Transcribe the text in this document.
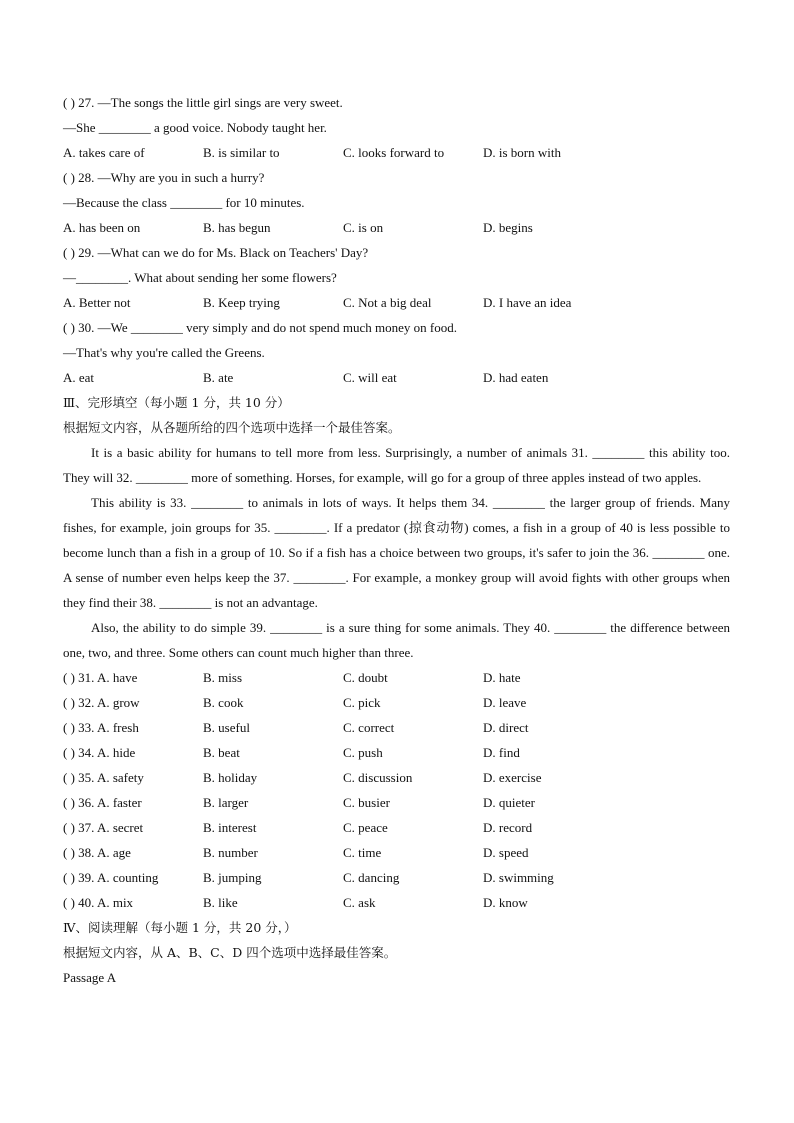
( ) 27. —The songs the little girl sings are very sweet.
—She ________ a good voice. Nobody taught her.
A. takes care of	B. is similar to	C. looks forward to	D. is born with
( ) 28. —Why are you in such a hurry?
—Because the class ________ for 10 minutes.
A. has been on	B. has begun	C. is on	D. begins
( ) 29. —What can we do for Ms. Black on Teachers' Day?
—________. What about sending her some flowers?
A. Better not	B. Keep trying	C. Not a big deal	D. I have an idea
( ) 30. —We ________ very simply and do not spend much money on food.
—That's why you're called the Greens.
A. eat	B. ate	C. will eat	D. had eaten
Ⅲ、完形填空（每小题 1 分，共 10 分）
根据短文内容，从各题所给的四个选项中选择一个最佳答案。
It is a basic ability for humans to tell more from less. Surprisingly, a number of animals 31. ________ this ability too. They will 32. ________ more of something. Horses, for example, will go for a group of three apples instead of two apples.
This ability is 33. ________ to animals in lots of ways. It helps them 34. ________ the larger group of friends. Many fishes, for example, join groups for 35. ________. If a predator (掠食动物) comes, a fish in a group of 40 is less possible to become lunch than a fish in a group of 10. So if a fish has a choice between two groups, it's safer to join the 36. ________ one. A sense of number even helps keep the 37. ________. For example, a monkey group will avoid fights with other groups when they find their 38. ________ is not an advantage.
Also, the ability to do simple 39. ________ is a sure thing for some animals. They 40. ________ the difference between one, two, and three. Some others can count much higher than three.
( ) 31. A. have	B. miss	C. doubt	D. hate
( ) 32. A. grow	B. cook	C. pick	D. leave
( ) 33. A. fresh	B. useful	C. correct	D. direct
( ) 34. A. hide	B. beat	C. push	D. find
( ) 35. A. safety	B. holiday	C. discussion	D. exercise
( ) 36. A. faster	B. larger	C. busier	D. quieter
( ) 37. A. secret	B. interest	C. peace	D. record
( ) 38. A. age	B. number	C. time	D. speed
( ) 39. A. counting	B. jumping	C. dancing	D. swimming
( ) 40. A. mix	B. like	C. ask	D. know
Ⅳ、阅读理解（每小题 1 分，共 20 分，）
根据短文内容，从 A、B、C、D 四个选项中选择最佳答案。
Passage A
